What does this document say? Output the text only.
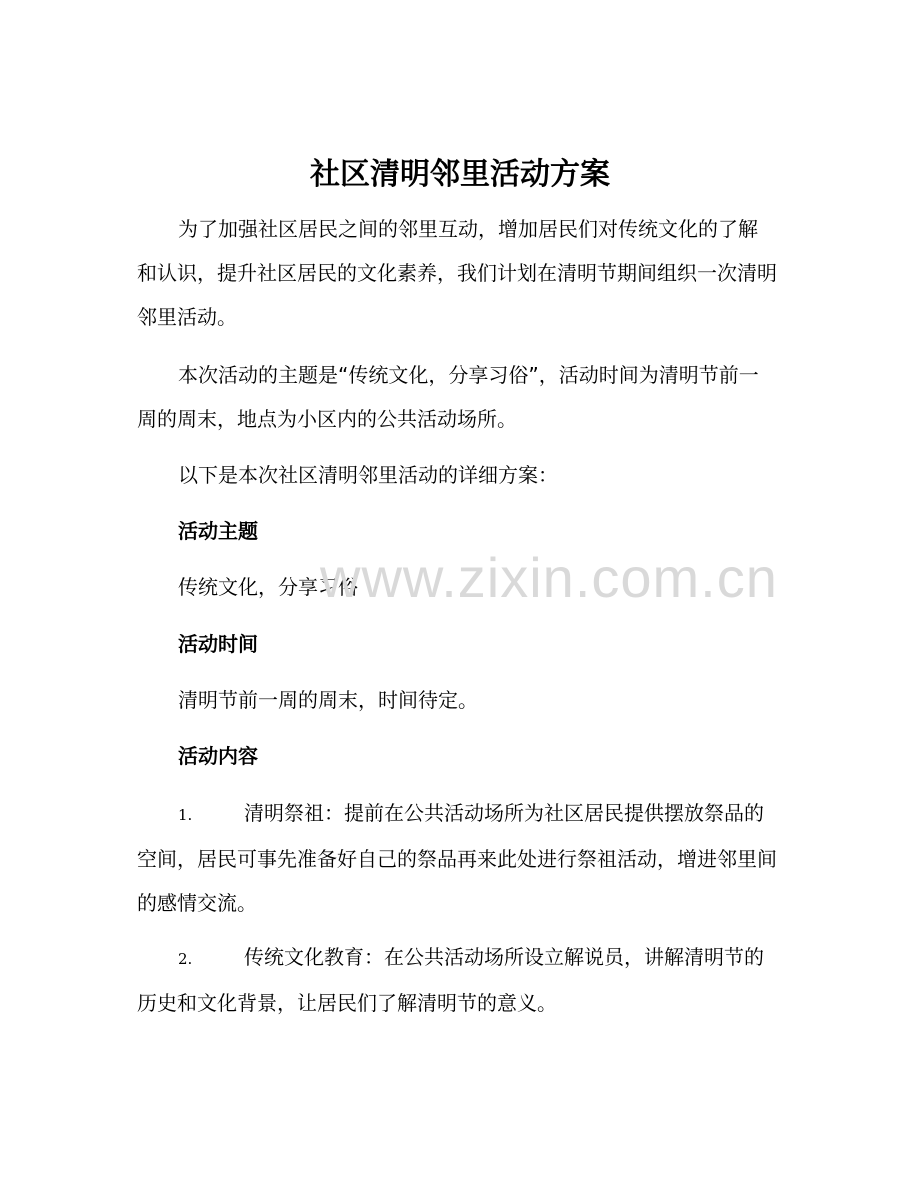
社区清明邻里活动方案

为了加强社区居民之间的邻里互动，增加居民们对传统文化的了解和认识，提升社区居民的文化素养，我们计划在清明节期间组织一次清明邻里活动。

本次活动的主题是“传统文化，分享习俗”，活动时间为清明节前一周的周末，地点为小区内的公共活动场所。

以下是本次社区清明邻里活动的详细方案：

活动主题
传统文化，分享习俗
活动时间
清明节前一周的周末，时间待定。
活动内容

1.	清明祭祖：提前在公共活动场所为社区居民提供摆放祭品的空间，居民可事先准备好自己的祭品再来此处进行祭祖活动，增进邻里间的感情交流。

2.	传统文化教育：在公共活动场所设立解说员，讲解清明节的历史和文化背景，让居民们了解清明节的意义。

www.zixin.com.cn
